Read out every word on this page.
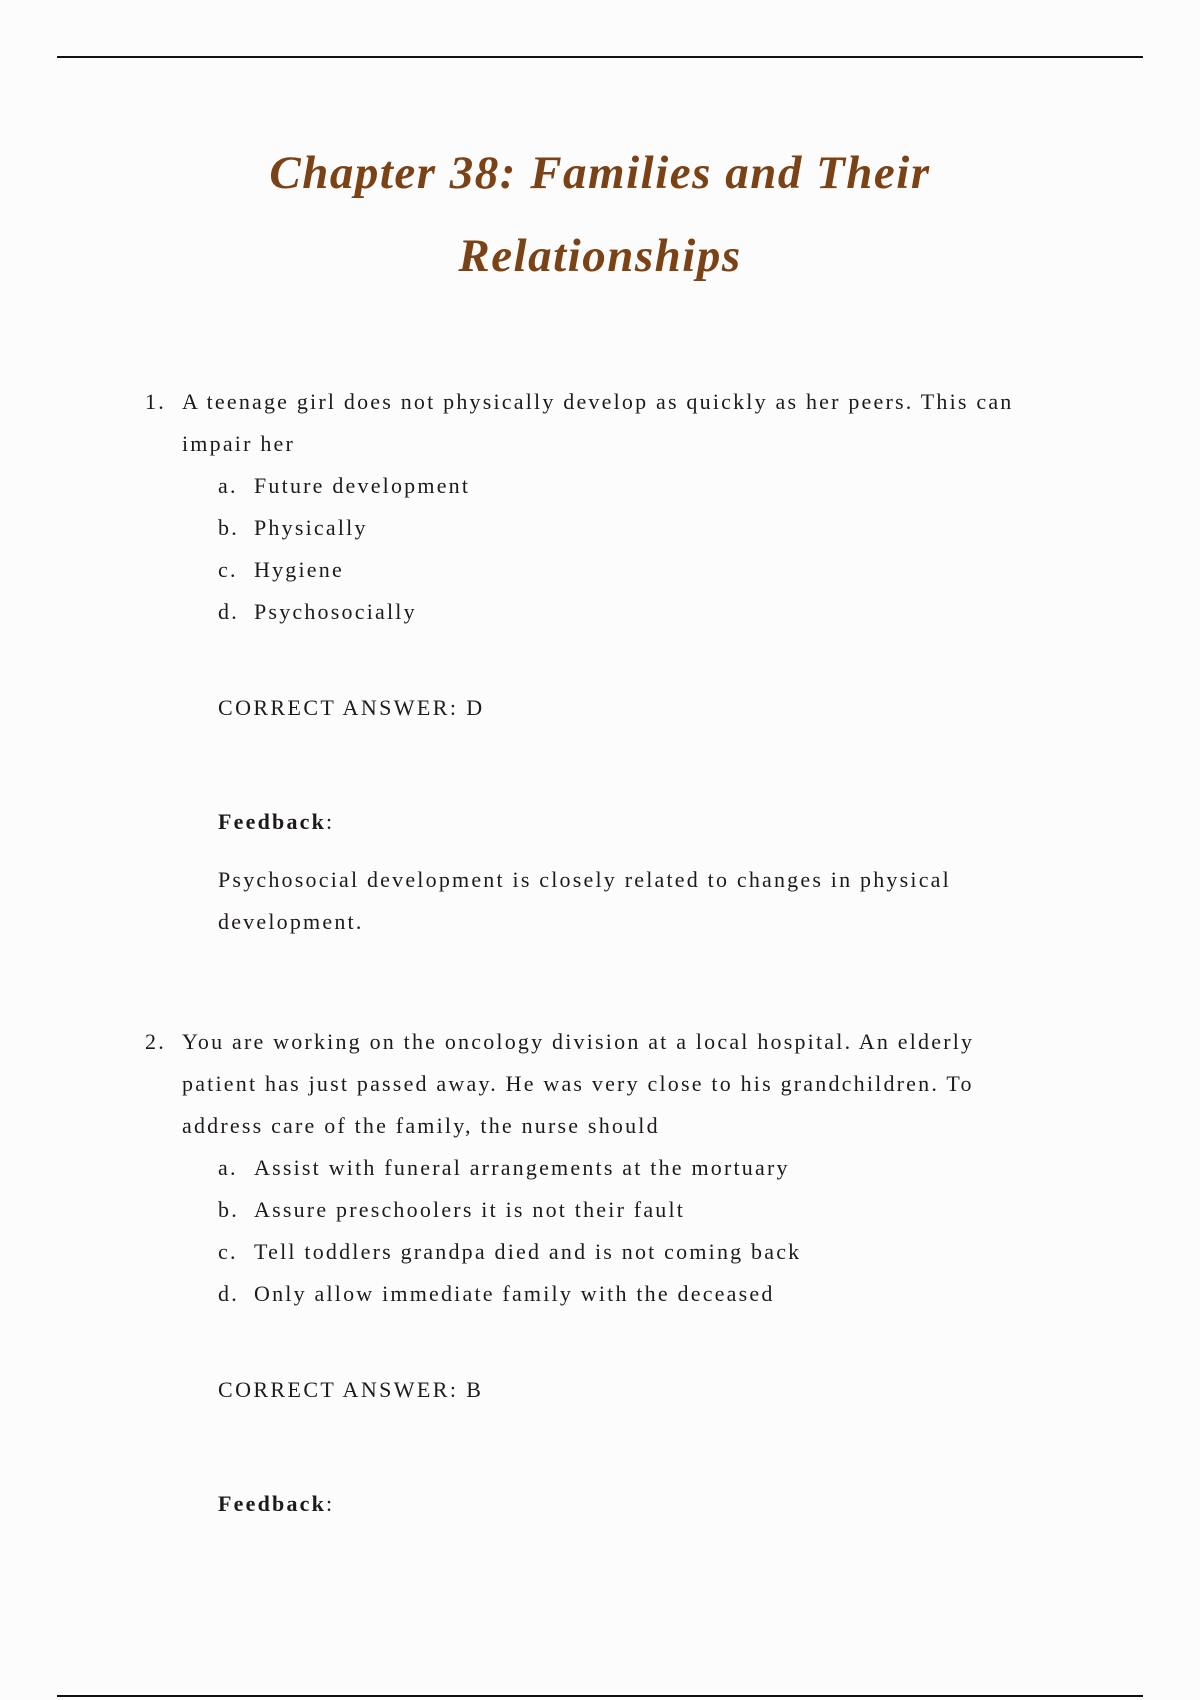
Chapter 38: Families and Their
Relationships
1. A teenage girl does not physically develop as quickly as her peers. This can impair her
a. Future development
b. Physically
c. Hygiene
d. Psychosocially
CORRECT ANSWER: D
Feedback:
Psychosocial development is closely related to changes in physical development.
2. You are working on the oncology division at a local hospital. An elderly patient has just passed away. He was very close to his grandchildren. To address care of the family, the nurse should
a. Assist with funeral arrangements at the mortuary
b. Assure preschoolers it is not their fault
c. Tell toddlers grandpa died and is not coming back
d. Only allow immediate family with the deceased
CORRECT ANSWER: B
Feedback:
